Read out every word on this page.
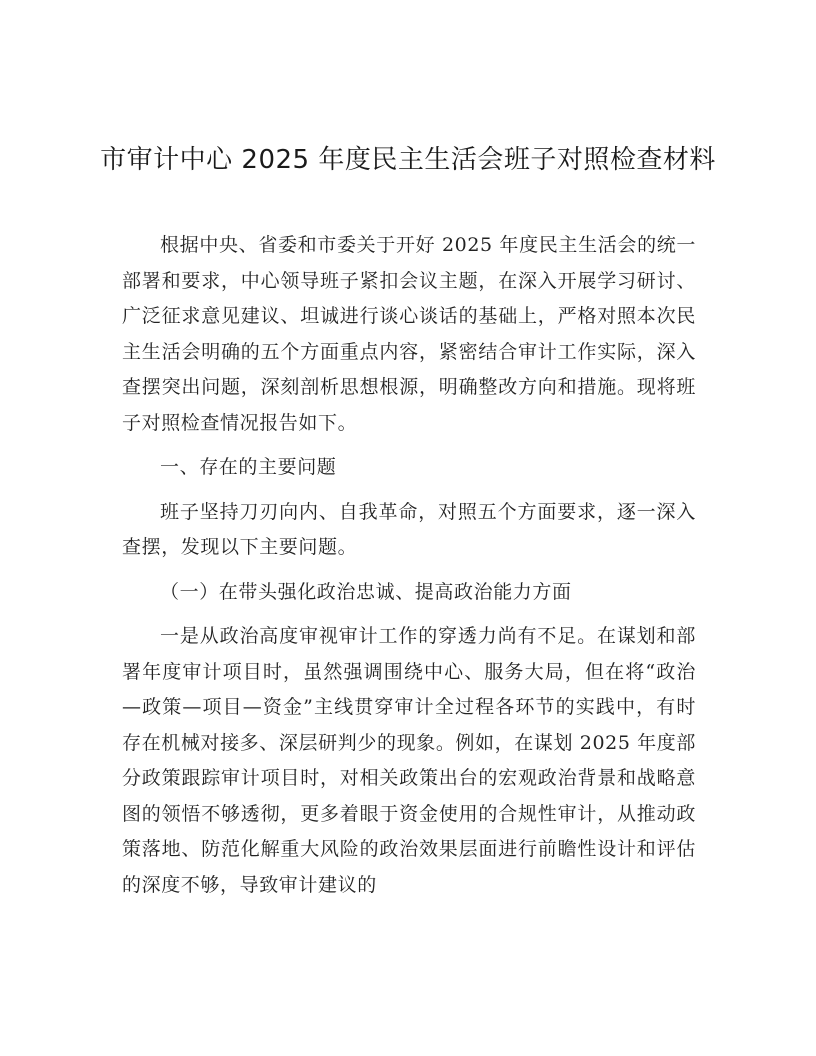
市审计中心 2025 年度民主生活会班子对照检查材料

根据中央、省委和市委关于开好 2025 年度民主生活会的统一部署和要求，中心领导班子紧扣会议主题，在深入开展学习研讨、广泛征求意见建议、坦诚进行谈心谈话的基础上，严格对照本次民主生活会明确的五个方面重点内容，紧密结合审计工作实际，深入查摆突出问题，深刻剖析思想根源，明确整改方向和措施。现将班子对照检查情况报告如下。

一、存在的主要问题

班子坚持刀刃向内、自我革命，对照五个方面要求，逐一深入查摆，发现以下主要问题。

（一）在带头强化政治忠诚、提高政治能力方面

一是从政治高度审视审计工作的穿透力尚有不足。在谋划和部署年度审计项目时，虽然强调围绕中心、服务大局，但在将“政治—政策—项目—资金”主线贯穿审计全过程各环节的实践中，有时存在机械对接多、深层研判少的现象。例如，在谋划 2025 年度部分政策跟踪审计项目时，对相关政策出台的宏观政治背景和战略意图的领悟不够透彻，更多着眼于资金使用的合规性审计，从推动政策落地、防范化解重大风险的政治效果层面进行前瞻性设计和评估的深度不够，导致审计建议的
